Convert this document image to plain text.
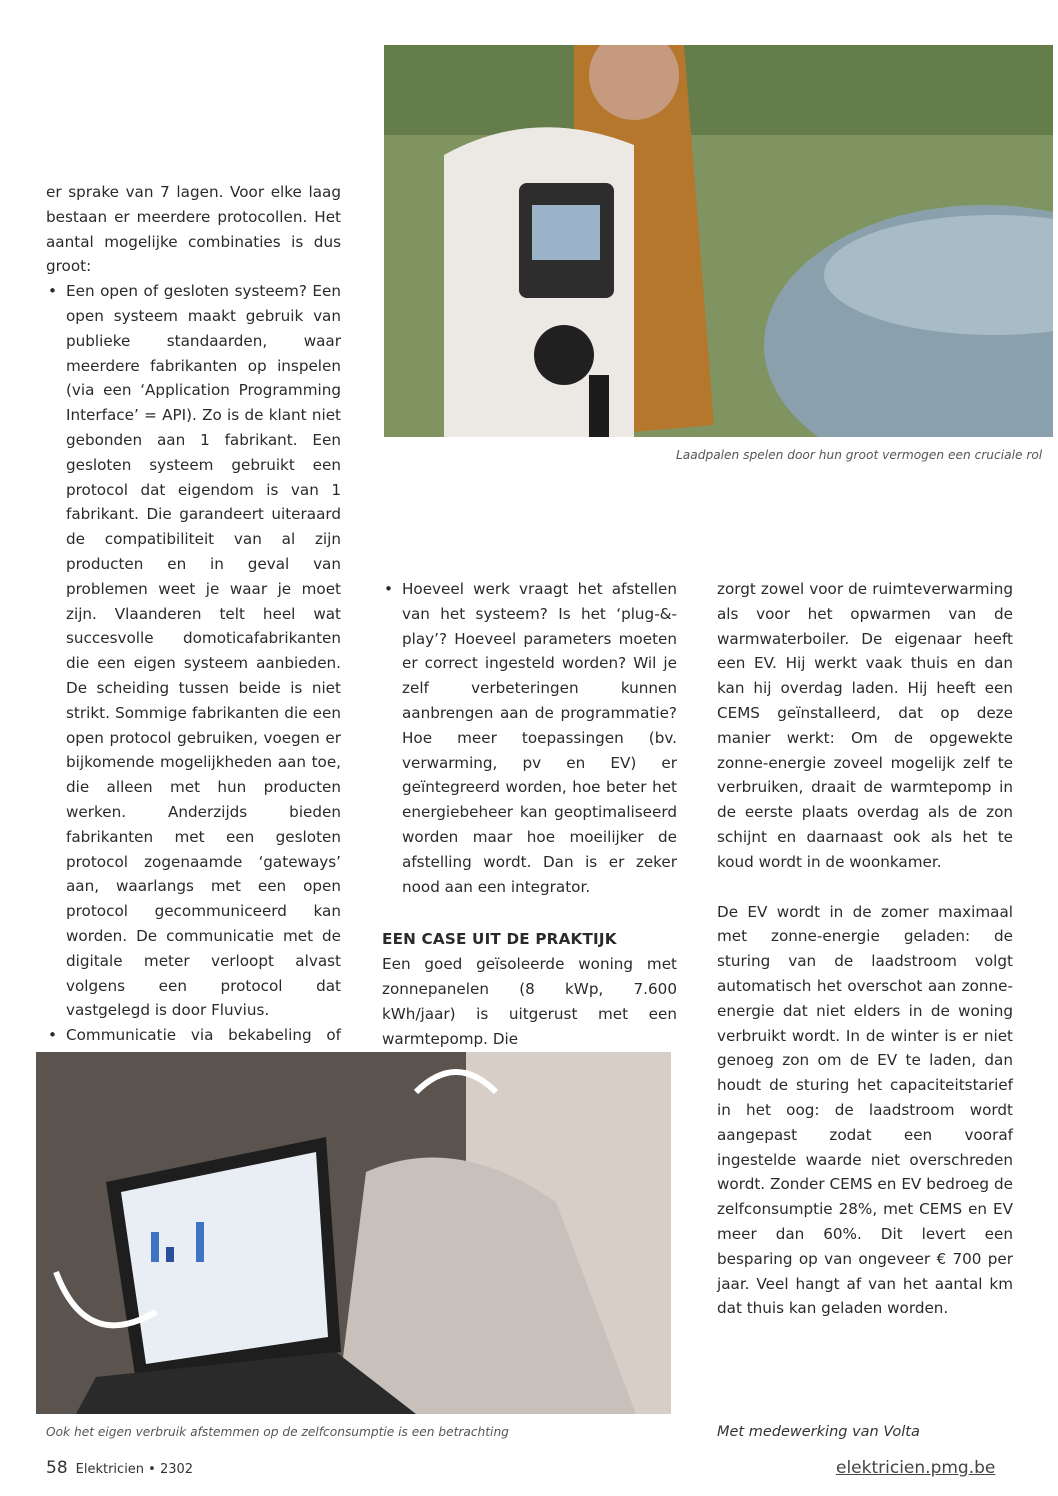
er sprake van 7 lagen. Voor elke laag bestaan er meerdere protocollen. Het aantal mogelijke combinaties is dus groot:

• Een open of gesloten systeem? Een open systeem maakt gebruik van publieke standaarden, waar meerdere fabrikanten op inspelen (via een ‘Application Programming Interface’ = API). Zo is de klant niet gebonden aan 1 fabrikant. Een gesloten systeem gebruikt een protocol dat eigendom is van 1 fabrikant. Die garandeert uiteraard de compatibiliteit van al zijn producten en in geval van problemen weet je waar je moet zijn. Vlaanderen telt heel wat succesvolle domoticafabrikanten die een eigen systeem aanbieden. De scheiding tussen beide is niet strikt. Sommige fabrikanten die een open protocol gebruiken, voegen er bijkomende mogelijkheden aan toe, die alleen met hun producten werken. Anderzijds bieden fabrikanten met een gesloten protocol zogenaamde ‘gateways’ aan, waarlangs met een open protocol gecommuniceerd kan worden. De communicatie met de digitale meter verloopt alvast volgens een protocol dat vastgelegd is door Fluvius.
• Communicatie via bekabeling of
Laadpalen spelen door hun groot vermogen een cruciale rol
• Hoeveel werk vraagt het afstellen van het systeem? Is het ‘plug-&-play’? Hoeveel parameters moeten er correct ingesteld worden? Wil je zelf verbeteringen kunnen aanbrengen aan de programmatie? Hoe meer toepassingen (bv. verwarming, pv en EV) er geïntegreerd worden, hoe beter het energiebeheer kan geoptimaliseerd worden maar hoe moeilijker de afstelling wordt. Dan is er zeker nood aan een integrator.

EEN CASE UIT DE PRAKTIJK

Een goed geïsoleerde woning met zonnepanelen (8 kWp, 7.600 kWh/jaar) is uitgerust met een warmtepomp. Die

zorgt zowel voor de ruimteverwarming als voor het opwarmen van de warmwaterboiler. De eigenaar heeft een EV. Hij werkt vaak thuis en dan kan hij overdag laden. Hij heeft een CEMS geïnstalleerd, dat op deze manier werkt: Om de opgewekte zonne-energie zoveel mogelijk zelf te verbruiken, draait de warmtepomp in de eerste plaats overdag als de zon schijnt en daarnaast ook als het te koud wordt in de woonkamer.

De EV wordt in de zomer maximaal met zonne-energie geladen: de sturing van de laadstroom volgt automatisch het overschot aan zonne-energie dat niet elders in de woning verbruikt wordt. In de winter is er niet genoeg zon om de EV te laden, dan houdt de sturing het capaciteitstarief in het oog: de laadstroom wordt aangepast zodat een vooraf ingestelde waarde niet overschreden wordt. Zonder CEMS en EV bedroeg de zelfconsumptie 28%, met CEMS en EV meer dan 60%. Dit levert een besparing op van ongeveer € 700 per jaar. Veel hangt af van het aantal km dat thuis kan geladen worden.

Ook het eigen verbruik afstemmen op de zelfconsumptie is een betrachting	Met medewerking van Volta
58 Elektricien • 2302	elektricien.pmg.be
